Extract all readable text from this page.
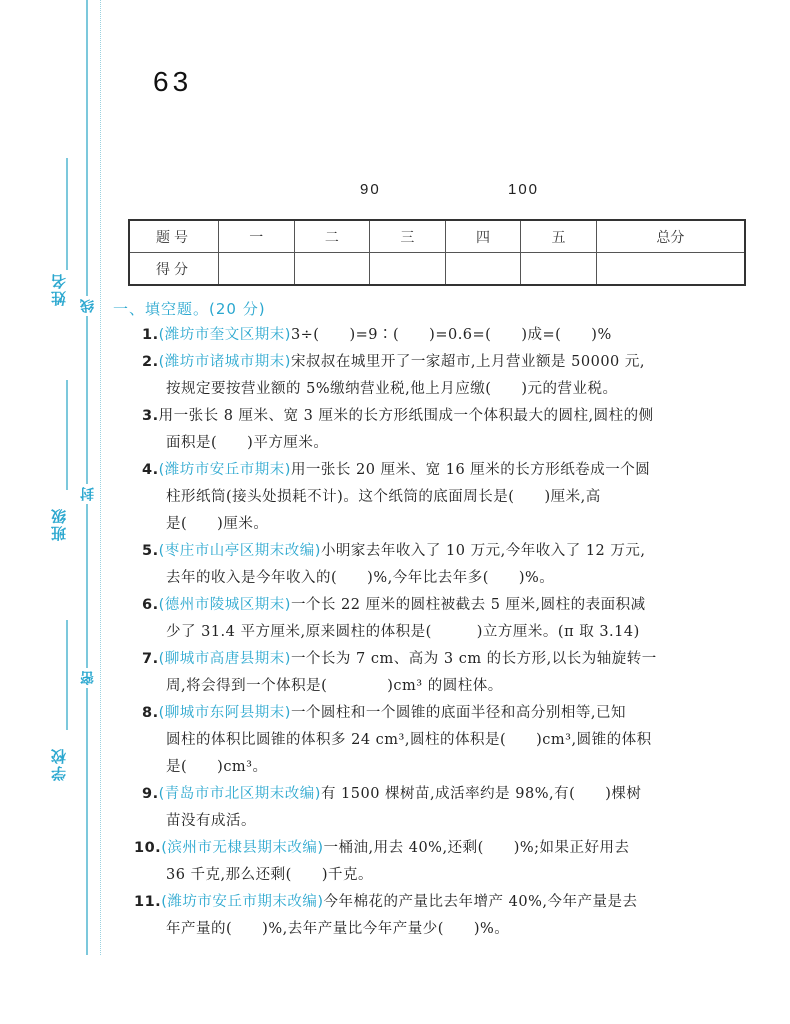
姓名
班级
学校
线
封
密
63
90	100
题号	一	二	三	四	五	总分
得分						
一、填空题。(20 分)
1.(潍坊市奎文区期末)3÷(　　)=9∶(　　)=0.6=(　　)成=(　　)%
2.(潍坊市诸城市期末)宋叔叔在城里开了一家超市,上月营业额是 50000 元,
按规定要按营业额的 5%缴纳营业税,他上月应缴(　　)元的营业税。
3.用一张长 8 厘米、宽 3 厘米的长方形纸围成一个体积最大的圆柱,圆柱的侧
面积是(　　)平方厘米。
4.(潍坊市安丘市期末)用一张长 20 厘米、宽 16 厘米的长方形纸卷成一个圆
柱形纸筒(接头处损耗不计)。这个纸筒的底面周长是(　　)厘米,高
是(　　)厘米。
5.(枣庄市山亭区期末改编)小明家去年收入了 10 万元,今年收入了 12 万元,
去年的收入是今年收入的(　　)%,今年比去年多(　　)%。
6.(德州市陵城区期末)一个长 22 厘米的圆柱被截去 5 厘米,圆柱的表面积减
少了 31.4 平方厘米,原来圆柱的体积是(　　　)立方厘米。(π 取 3.14)
7.(聊城市高唐县期末)一个长为 7 cm、高为 3 cm 的长方形,以长为轴旋转一
周,将会得到一个体积是(　　　　)cm³ 的圆柱体。
8.(聊城市东阿县期末)一个圆柱和一个圆锥的底面半径和高分别相等,已知
圆柱的体积比圆锥的体积多 24 cm³,圆柱的体积是(　　)cm³,圆锥的体积
是(　　)cm³。
9.(青岛市市北区期末改编)有 1500 棵树苗,成活率约是 98%,有(　　)棵树
苗没有成活。
10.(滨州市无棣县期末改编)一桶油,用去 40%,还剩(　　)%;如果正好用去
36 千克,那么还剩(　　)千克。
11.(潍坊市安丘市期末改编)今年棉花的产量比去年增产 40%,今年产量是去
年产量的(　　)%,去年产量比今年产量少(　　)%。
